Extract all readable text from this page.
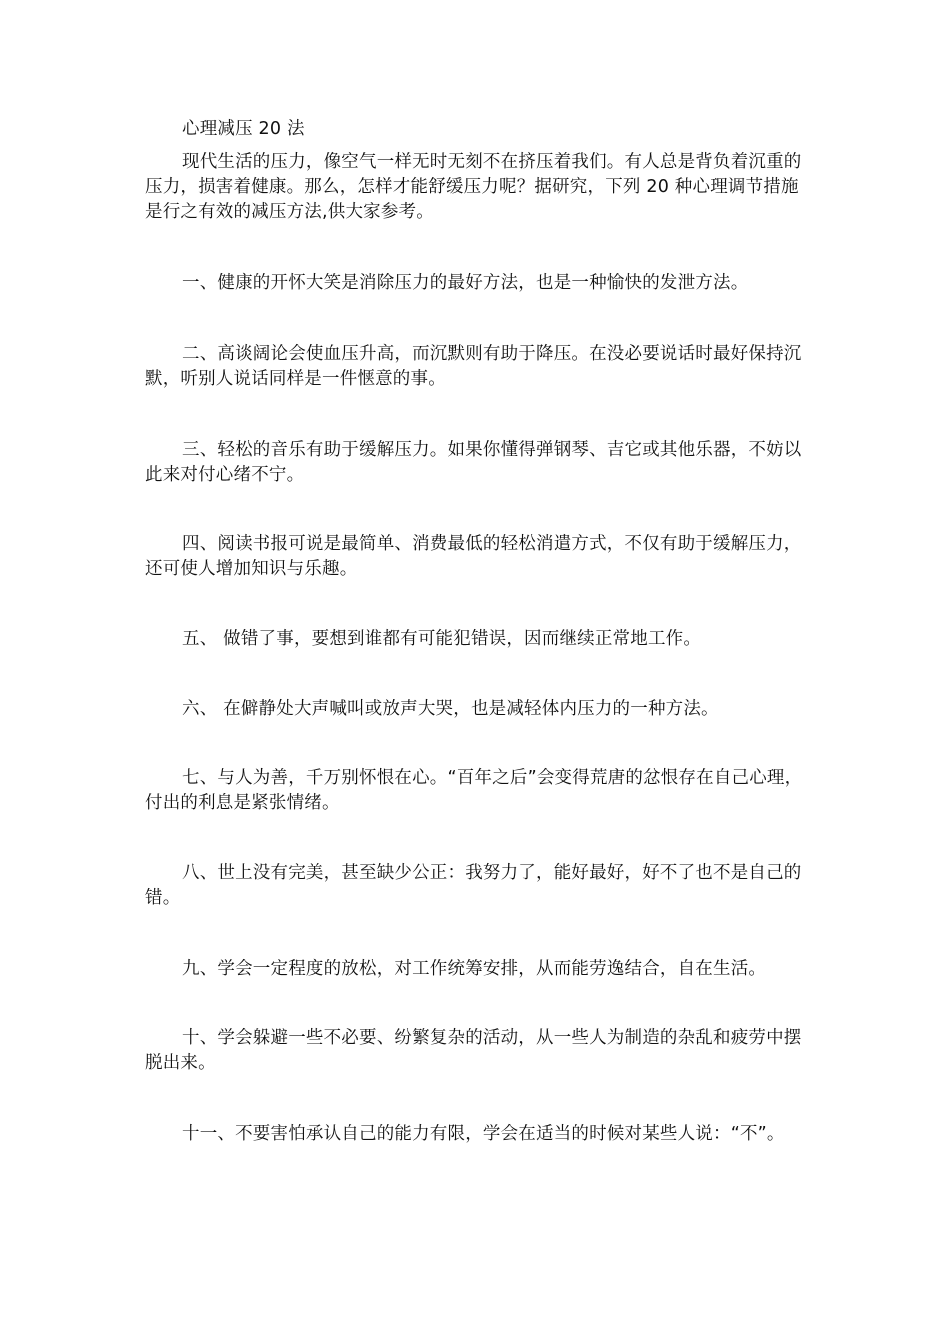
心理减压 20 法

现代生活的压力，像空气一样无时无刻不在挤压着我们。有人总是背负着沉重的压力，损害着健康。那么，怎样才能舒缓压力呢？据研究，下列 20 种心理调节措施是行之有效的减压方法,供大家参考。

一、健康的开怀大笑是消除压力的最好方法，也是一种愉快的发泄方法。

二、高谈阔论会使血压升高，而沉默则有助于降压。在没必要说话时最好保持沉默，听别人说话同样是一件惬意的事。

三、轻松的音乐有助于缓解压力。如果你懂得弹钢琴、吉它或其他乐器，不妨以此来对付心绪不宁。

四、阅读书报可说是最简单、消费最低的轻松消遣方式，不仅有助于缓解压力，还可使人增加知识与乐趣。

五、 做错了事，要想到谁都有可能犯错误，因而继续正常地工作。

六、 在僻静处大声喊叫或放声大哭，也是减轻体内压力的一种方法。

七、与人为善，千万别怀恨在心。“百年之后”会变得荒唐的忿恨存在自己心理，付出的利息是紧张情绪。

八、世上没有完美，甚至缺少公正：我努力了，能好最好，好不了也不是自己的错。

九、学会一定程度的放松，对工作统筹安排，从而能劳逸结合，自在生活。

十、学会躲避一些不必要、纷繁复杂的活动，从一些人为制造的杂乱和疲劳中摆脱出来。

十一、不要害怕承认自己的能力有限，学会在适当的时候对某些人说：“不”。
